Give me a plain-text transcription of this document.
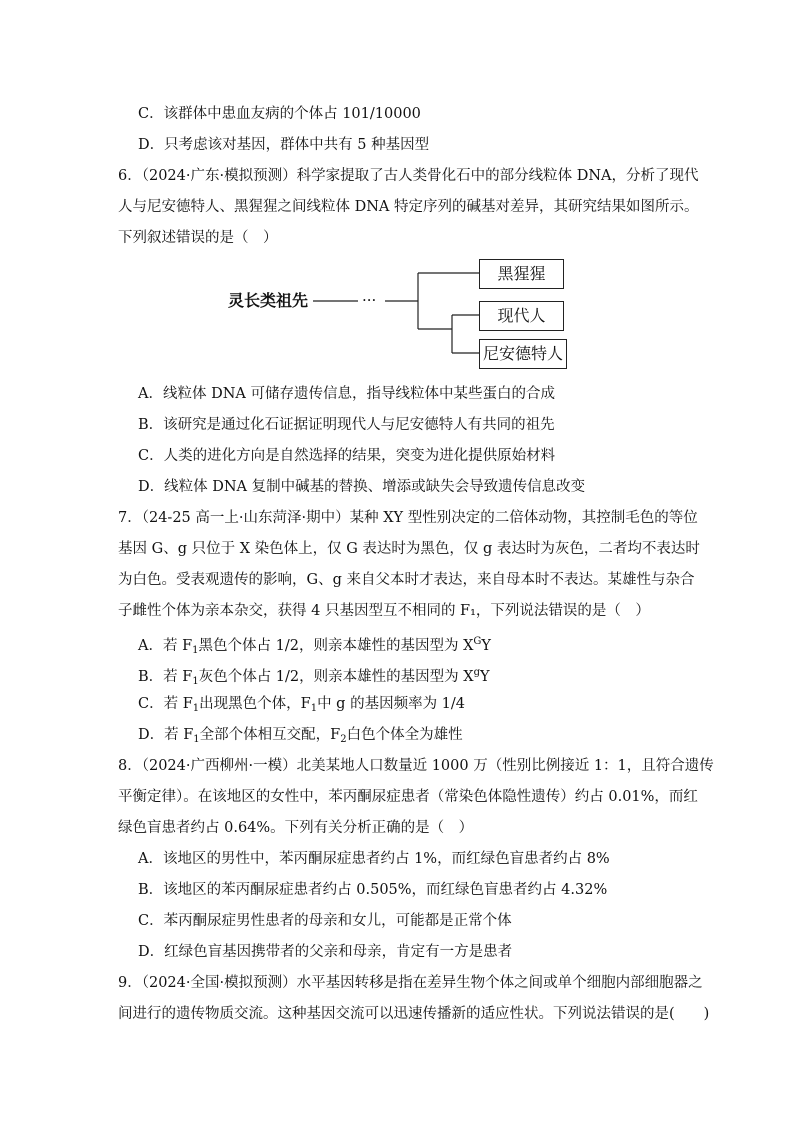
C．该群体中患血友病的个体占 101/10000
D．只考虑该对基因，群体中共有 5 种基因型
6．（2024·广东·模拟预测）科学家提取了古人类骨化石中的部分线粒体 DNA，分析了现代
人与尼安德特人、黑猩猩之间线粒体 DNA 特定序列的碱基对差异，其研究结果如图所示。
下列叙述错误的是（　）
灵长类祖先	···
黑猩猩
现代人
尼安德特人
A．线粒体 DNA 可储存遗传信息，指导线粒体中某些蛋白的合成
B．该研究是通过化石证据证明现代人与尼安德特人有共同的祖先
C．人类的进化方向是自然选择的结果，突变为进化提供原始材料
D．线粒体 DNA 复制中碱基的替换、增添或缺失会导致遗传信息改变
7．（24-25 高一上·山东菏泽·期中）某种 XY 型性别决定的二倍体动物，其控制毛色的等位
基因 G、g 只位于 X 染色体上，仅 G 表达时为黑色，仅 g 表达时为灰色，二者均不表达时
为白色。受表观遗传的影响，G、g 来自父本时才表达，来自母本时不表达。某雄性与杂合
子雌性个体为亲本杂交，获得 4 只基因型互不相同的 F₁，下列说法错误的是（　）
A．若 $F_1$黑色个体占 1/2，则亲本雄性的基因型为 $X^GY$
B．若 $F_1$灰色个体占 1/2，则亲本雄性的基因型为 $X^gY$
C．若 $F_1$出现黑色个体，$F_1$中 g 的基因频率为 1/4
D．若 $F_1$全部个体相互交配，$F_2$白色个体全为雄性
8．（2024·广西柳州·一模）北美某地人口数量近 1000 万（性别比例接近 1：1，且符合遗传
平衡定律）。在该地区的女性中，苯丙酮尿症患者（常染色体隐性遗传）约占 0.01%，而红
绿色盲患者约占 0.64%。下列有关分析正确的是（　）
A．该地区的男性中，苯丙酮尿症患者约占 1%，而红绿色盲患者约占 8%
B．该地区的苯丙酮尿症患者约占 0.505%，而红绿色盲患者约占 4.32%
C．苯丙酮尿症男性患者的母亲和女儿，可能都是正常个体
D．红绿色盲基因携带者的父亲和母亲，肯定有一方是患者
9．（2024·全国·模拟预测）水平基因转移是指在差异生物个体之间或单个细胞内部细胞器之
间进行的遗传物质交流。这种基因交流可以迅速传播新的适应性状。下列说法错误的是(　　)
